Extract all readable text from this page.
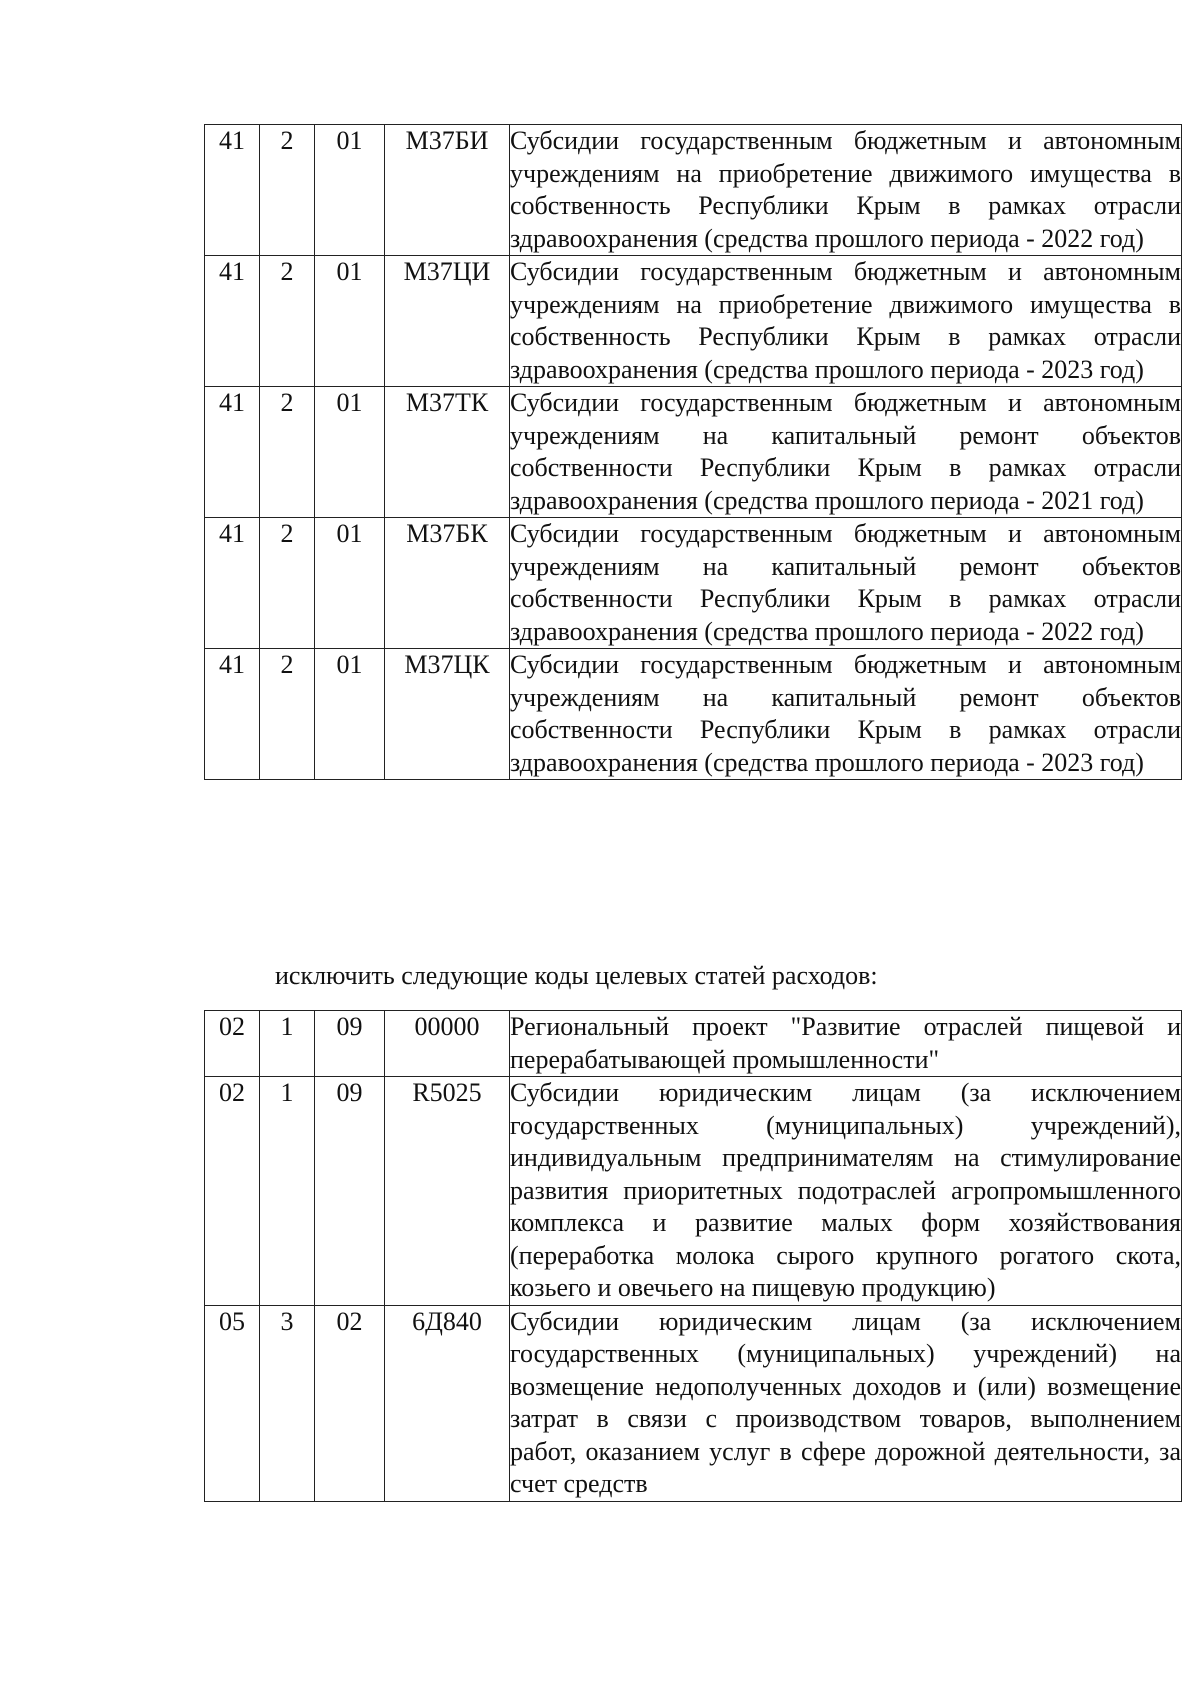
41	2	01	М37БИ	Субсидии государственным бюджетным и автономным учреждениям на приобретение движимого имущества в собственность Республики Крым в рамках отрасли здравоохранения (средства прошлого периода - 2022 год)
41	2	01	М37ЦИ	Субсидии государственным бюджетным и автономным учреждениям на приобретение движимого имущества в собственность Республики Крым в рамках отрасли здравоохранения (средства прошлого периода - 2023 год)
41	2	01	М37ТК	Субсидии государственным бюджетным и автономным учреждениям на капитальный ремонт объектов собственности Республики Крым в рамках отрасли здравоохранения (средства прошлого периода - 2021 год)
41	2	01	М37БК	Субсидии государственным бюджетным и автономным учреждениям на капитальный ремонт объектов собственности Республики Крым в рамках отрасли здравоохранения (средства прошлого периода - 2022 год)
41	2	01	М37ЦК	Субсидии государственным бюджетным и автономным учреждениям на капитальный ремонт объектов собственности Республики Крым в рамках отрасли здравоохранения (средства прошлого периода - 2023 год)
исключить следующие коды целевых статей расходов:
02	1	09	00000	Региональный проект "Развитие отраслей пищевой и перерабатывающей промышленности"
02	1	09	R5025	Субсидии юридическим лицам (за исключением государственных (муниципальных) учреждений), индивидуальным предпринимателям на стимулирование развития приоритетных подотраслей агропромышленного комплекса и развитие малых форм хозяйствования (переработка молока сырого крупного рогатого скота, козьего и овечьего на пищевую продукцию)
05	3	02	6Д840	Субсидии юридическим лицам (за исключением государственных (муниципальных) учреждений) на возмещение недополученных доходов и (или) возмещение затрат в связи с производством товаров, выполнением работ, оказанием услуг в сфере дорожной деятельности, за счет средств
